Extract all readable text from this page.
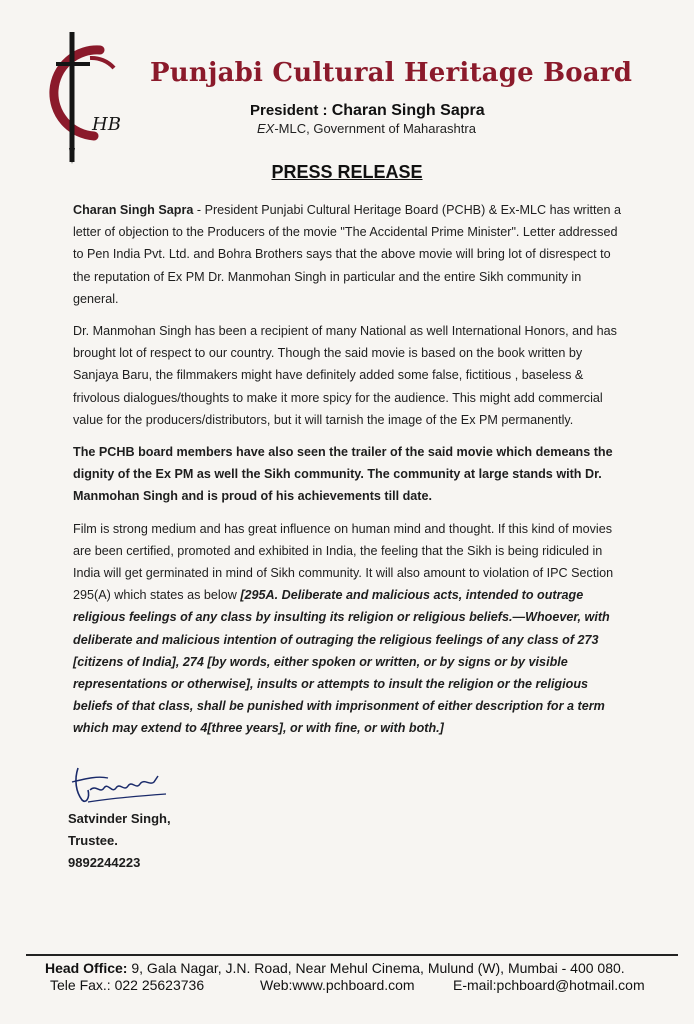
HB
Punjabi Cultural Heritage Board
President : Charan Singh Sapra
EX-MLC, Government of Maharashtra
PRESS RELEASE

Charan Singh Sapra - President Punjabi Cultural Heritage Board (PCHB) & Ex-MLC has written a letter of objection to the Producers of the movie "The Accidental Prime Minister". Letter addressed to Pen India Pvt. Ltd. and Bohra Brothers says that the above movie will bring lot of disrespect to the reputation of Ex PM Dr. Manmohan Singh in particular and the entire Sikh community in general.

Dr. Manmohan Singh has been a recipient of many National as well International Honors, and has brought lot of respect to our country. Though the said movie is based on the book written by Sanjaya Baru, the filmmakers might have definitely added some false, fictitious , baseless & frivolous dialogues/thoughts to make it more spicy for the audience. This might add commercial value for the producers/distributors, but it will tarnish the image of the Ex PM permanently.

The PCHB board members have also seen the trailer of the said movie which demeans the dignity of the Ex PM as well the Sikh community. The community at large stands with Dr. Manmohan Singh and is proud of his achievements till date.

Film is strong medium and has great influence on human mind and thought. If this kind of movies are been certified, promoted and exhibited in India, the feeling that the Sikh is being ridiculed in India will get germinated in mind of Sikh community. It will also amount to violation of IPC Section 295(A) which states as below [295A. Deliberate and malicious acts, intended to outrage religious feelings of any class by insulting its religion or religious beliefs.—Whoever, with deliberate and malicious intention of outraging the religious feelings of any class of 273 [citizens of India], 274 [by words, either spoken or written, or by signs or by visible representations or otherwise], insults or attempts to insult the religion or the religious beliefs of that class, shall be punished with imprisonment of either description for a term which may extend to 4[three years], or with fine, or with both.]

Satvinder Singh,
Trustee.
9892244223
Head Office: 9, Gala Nagar, J.N. Road, Near Mehul Cinema, Mulund (W), Mumbai - 400 080.
Tele Fax.: 022 25623736	Web:www.pchboard.com	E-mail:pchboard@hotmail.com
